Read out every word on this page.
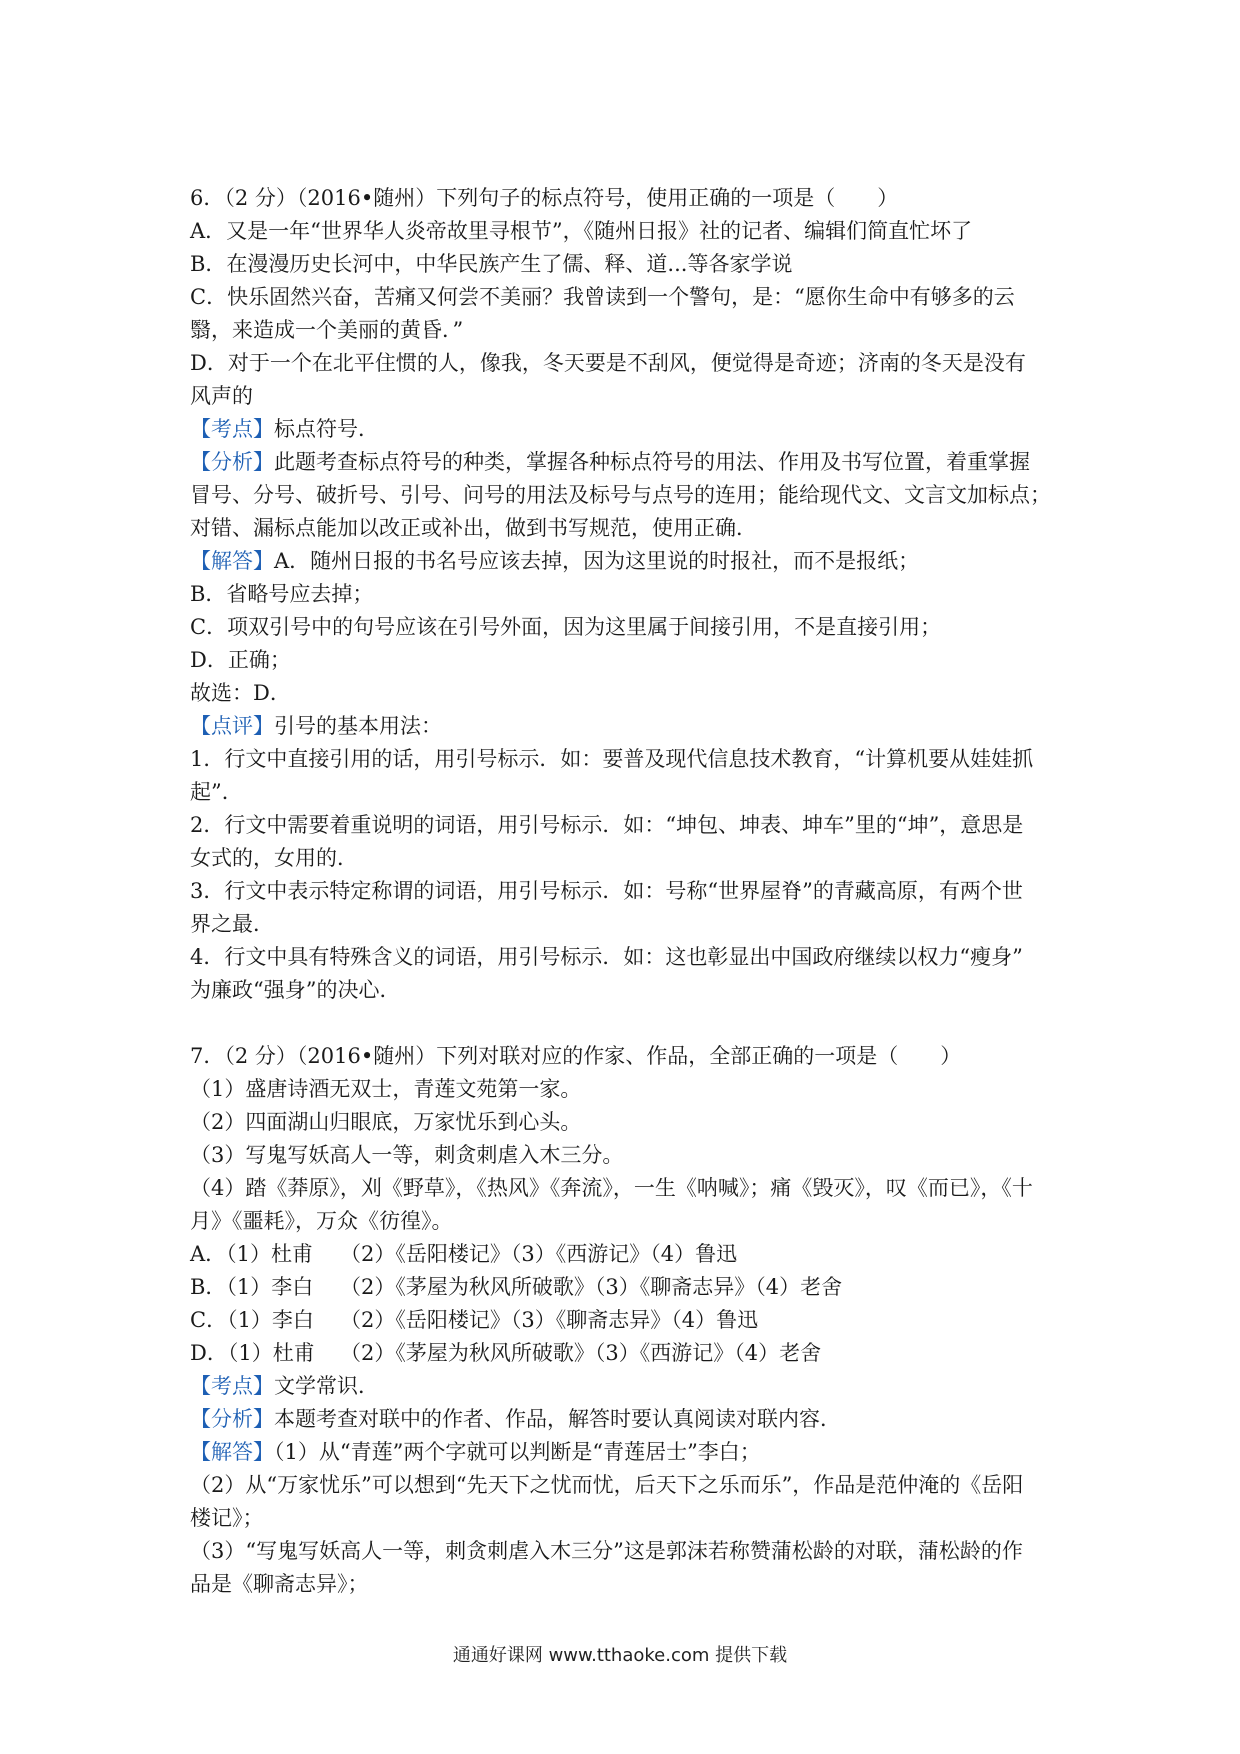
6．（2 分）（2016•随州）下列句子的标点符号，使用正确的一项是（　　）
A．又是一年“世界华人炎帝故里寻根节”，《随州日报》社的记者、编辑们简直忙坏了
B．在漫漫历史长河中，中华民族产生了儒、释、道...等各家学说
C．快乐固然兴奋，苦痛又何尝不美丽？我曾读到一个警句，是：“愿你生命中有够多的云
翳，来造成一个美丽的黄昏．”
D．对于一个在北平住惯的人，像我，冬天要是不刮风，便觉得是奇迹；济南的冬天是没有
风声的
【考点】标点符号．
【分析】此题考查标点符号的种类，掌握各种标点符号的用法、作用及书写位置，着重掌握
冒号、分号、破折号、引号、问号的用法及标号与点号的连用；能给现代文、文言文加标点；
对错、漏标点能加以改正或补出，做到书写规范，使用正确．
【解答】A．随州日报的书名号应该去掉，因为这里说的时报社，而不是报纸；
B．省略号应去掉；
C．项双引号中的句号应该在引号外面，因为这里属于间接引用，不是直接引用；
D．正确；
故选：D．
【点评】引号的基本用法：
1．行文中直接引用的话，用引号标示．如：要普及现代信息技术教育，“计算机要从娃娃抓
起”．
2．行文中需要着重说明的词语，用引号标示．如：“坤包、坤表、坤车”里的“坤”，意思是
女式的，女用的．
3．行文中表示特定称谓的词语，用引号标示．如：号称“世界屋脊”的青藏高原，有两个世
界之最．
4．行文中具有特殊含义的词语，用引号标示．如：这也彰显出中国政府继续以权力“瘦身”
为廉政“强身”的决心．
7．（2 分）（2016•随州）下列对联对应的作家、作品，全部正确的一项是（　　）
（1）盛唐诗酒无双士，青莲文苑第一家。
（2）四面湖山归眼底，万家忧乐到心头。
（3）写鬼写妖高人一等，刺贪刺虐入木三分。
（4）踏《莽原》，刈《野草》，《热风》《奔流》，一生《呐喊》；痛《毁灭》，叹《而已》，《十
月》《噩耗》，万众《彷徨》。
A．（1）杜甫	（2）《岳阳楼记》（3）《西游记》（4）鲁迅
B．（1）李白	（2）《茅屋为秋风所破歌》（3）《聊斋志异》（4）老舍
C．（1）李白	（2）《岳阳楼记》（3）《聊斋志异》（4）鲁迅
D．（1）杜甫	（2）《茅屋为秋风所破歌》（3）《西游记》（4）老舍
【考点】文学常识．
【分析】本题考查对联中的作者、作品，解答时要认真阅读对联内容．
【解答】（1）从“青莲”两个字就可以判断是“青莲居士”李白；
（2）从“万家忧乐”可以想到“先天下之忧而忧，后天下之乐而乐”，作品是范仲淹的《岳阳
楼记》；
（3）“写鬼写妖高人一等，刺贪刺虐入木三分”这是郭沫若称赞蒲松龄的对联，蒲松龄的作
品是《聊斋志异》；
通通好课网 www.tthaoke.com 提供下载
